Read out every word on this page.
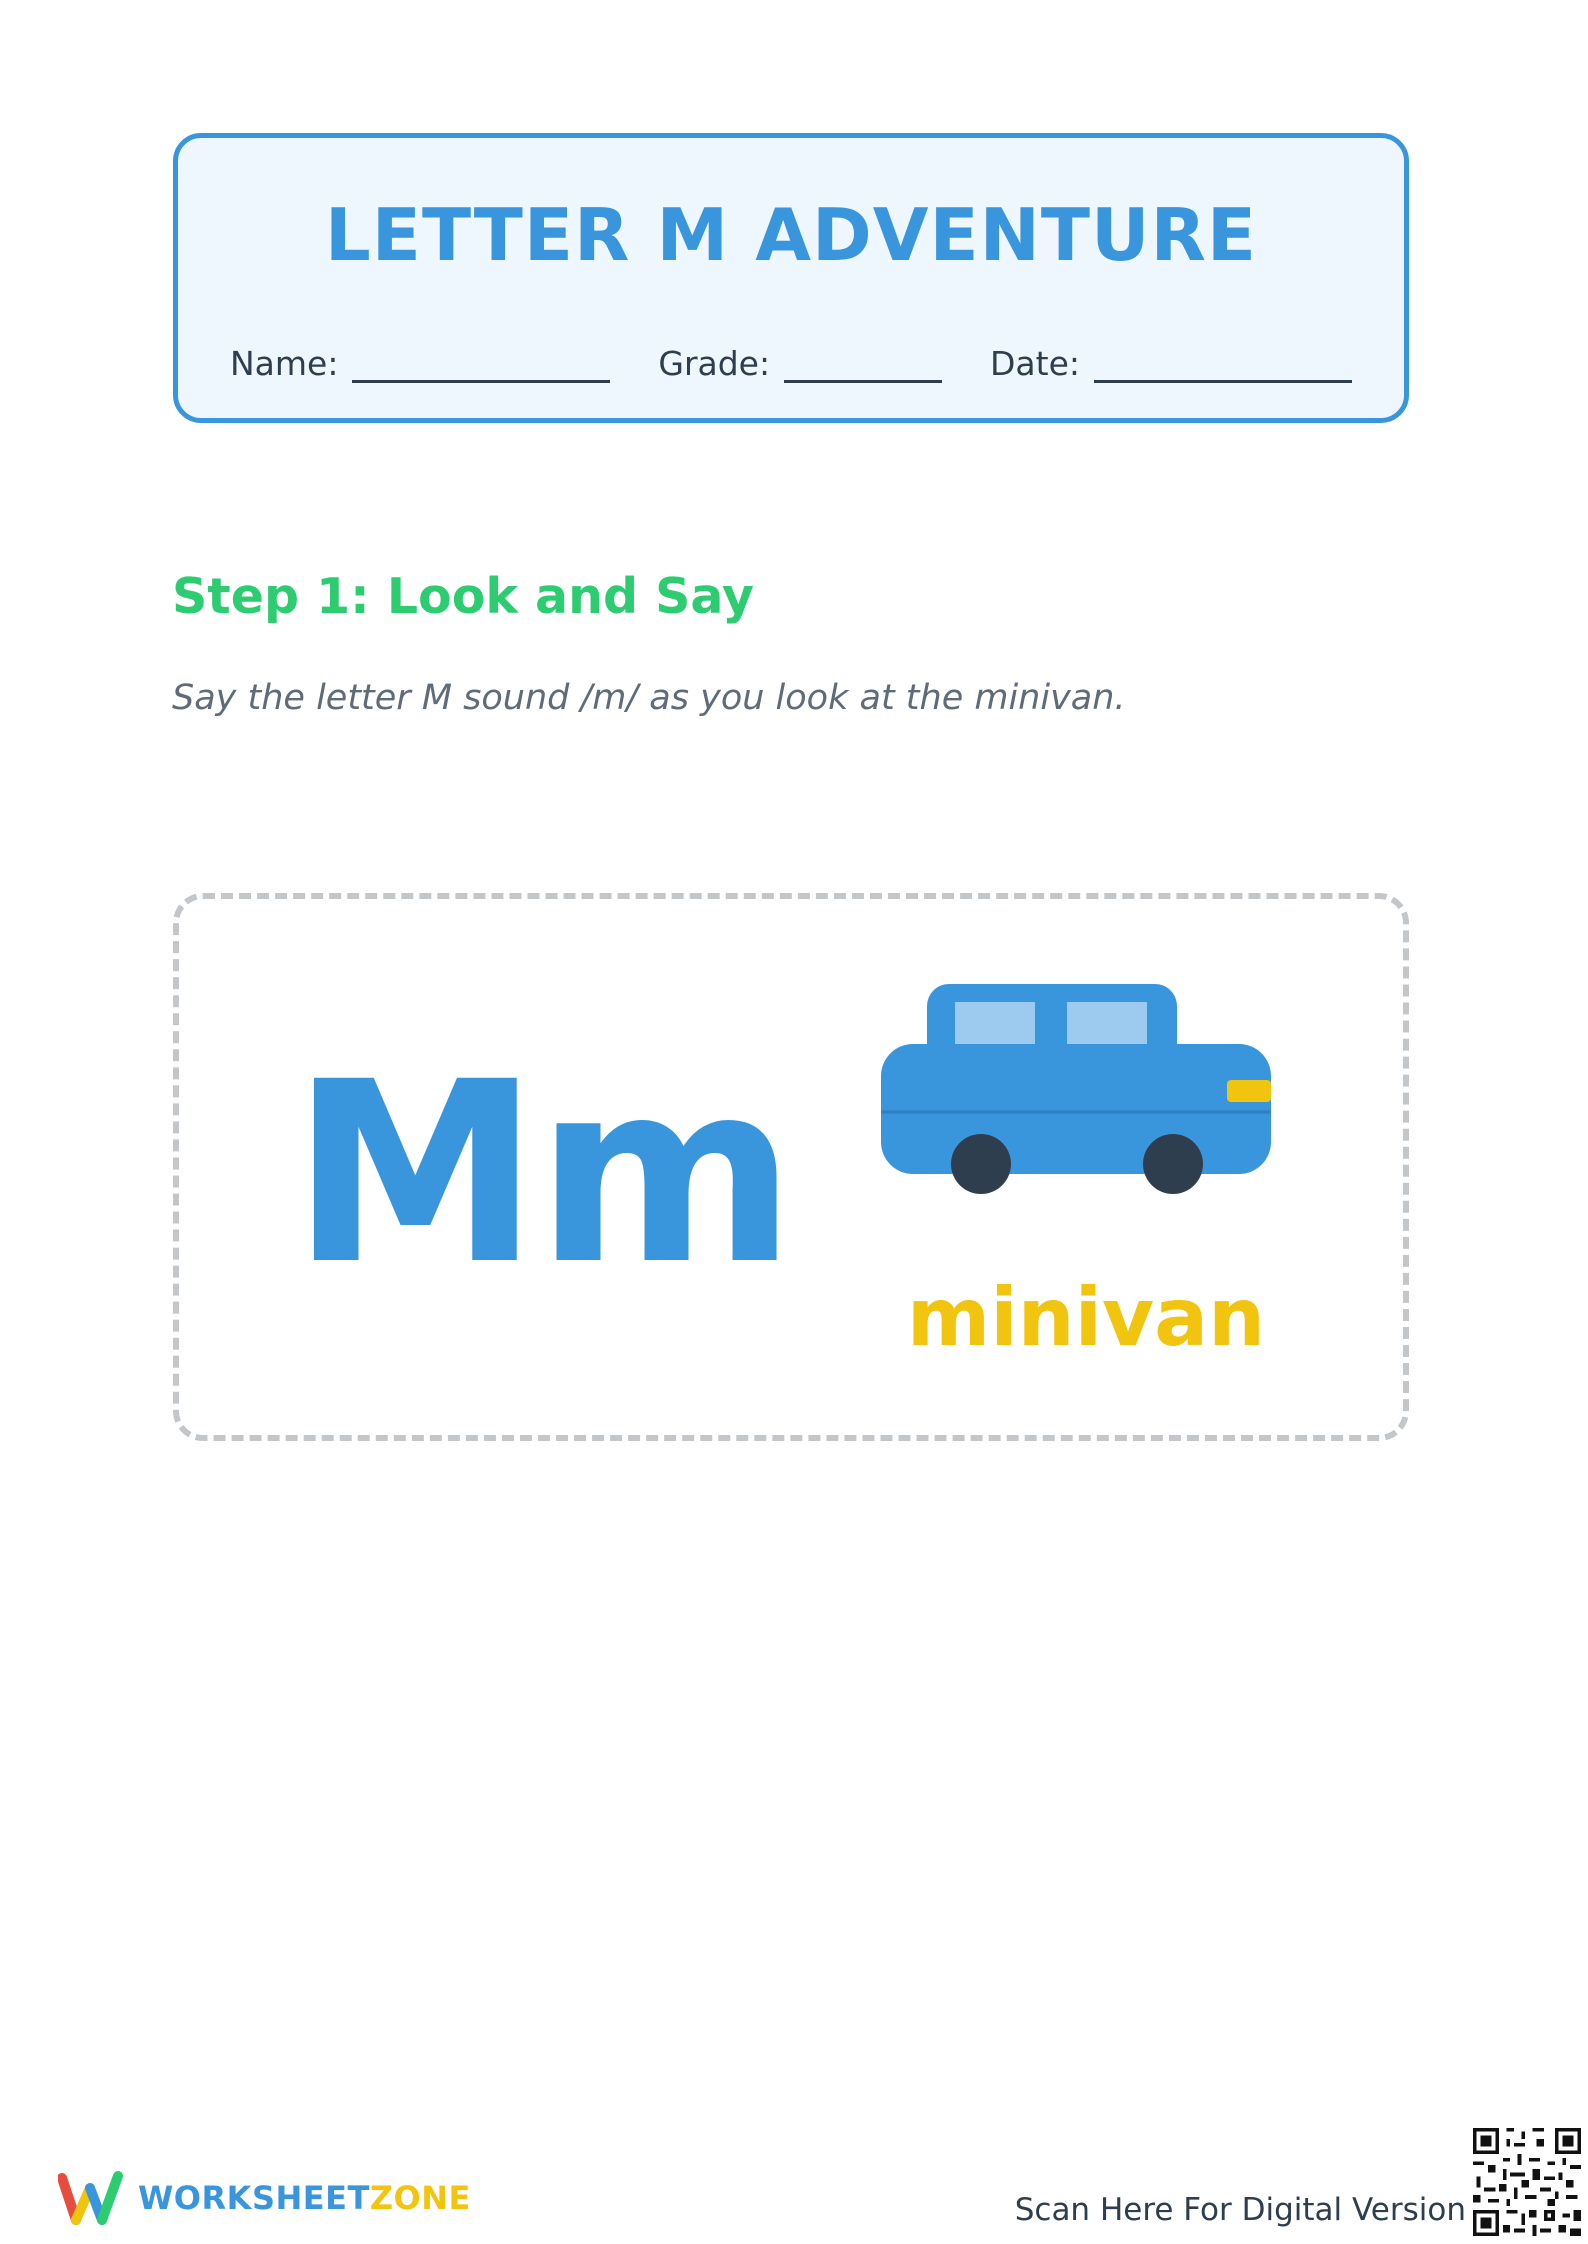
LETTER M ADVENTURE
Name:	Grade:	Date:
Step 1: Look and Say
Say the letter M sound /m/ as you look at the minivan.
Mm	minivan
WORKSHEETZONE	Scan Here For Digital Version
